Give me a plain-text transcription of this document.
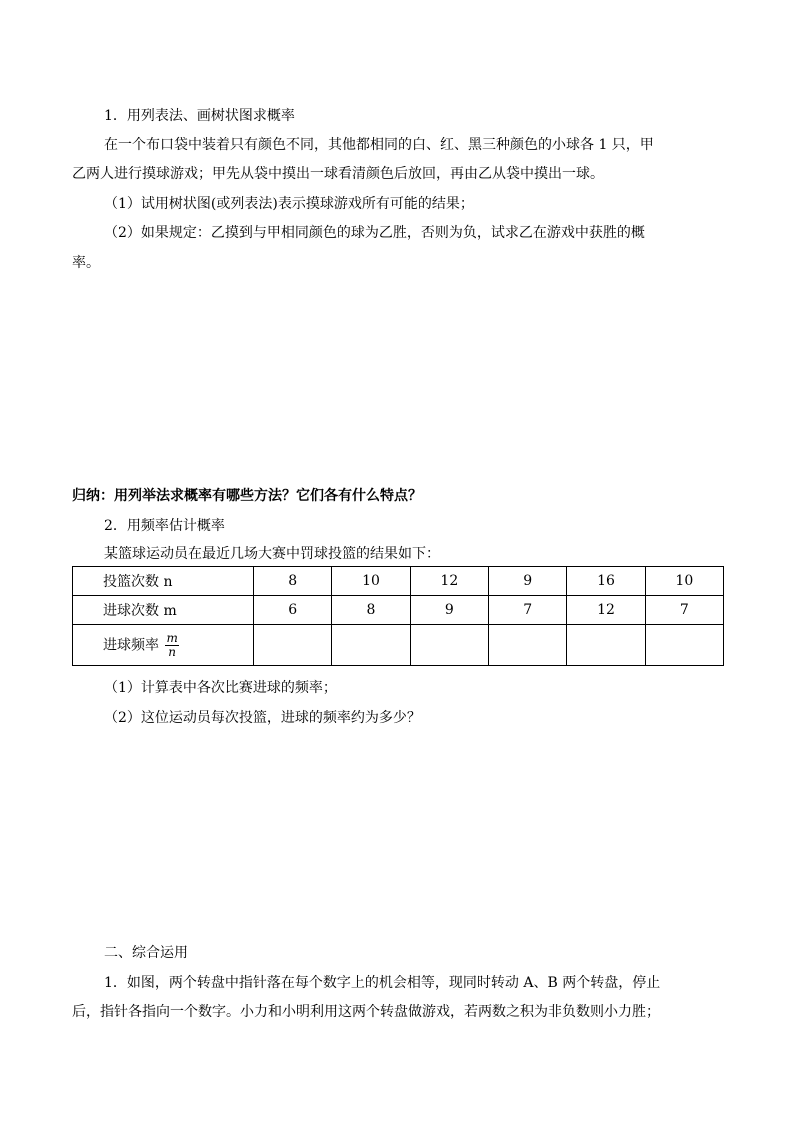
1．用列表法、画树状图求概率
在一个布口袋中装着只有颜色不同，其他都相同的白、红、黑三种颜色的小球各 1 只，甲
乙两人进行摸球游戏；甲先从袋中摸出一球看清颜色后放回，再由乙从袋中摸出一球。
（1）试用树状图(或列表法)表示摸球游戏所有可能的结果；
（2）如果规定：乙摸到与甲相同颜色的球为乙胜，否则为负，试求乙在游戏中获胜的概
率。
归纳：用列举法求概率有哪些方法？它们各有什么特点？
2．用频率估计概率
某篮球运动员在最近几场大赛中罚球投篮的结果如下：
投篮次数 n	8	10	12	9	16	10
进球次数 m	6	8	9	7	12	7
进球频率 $\frac{m}{n}$

（1）计算表中各次比赛进球的频率；
（2）这位运动员每次投篮，进球的频率约为多少？
二、综合运用
1．如图，两个转盘中指针落在每个数字上的机会相等，现同时转动 A、B 两个转盘，停止
后，指针各指向一个数字。小力和小明利用这两个转盘做游戏，若两数之积为非负数则小力胜；
